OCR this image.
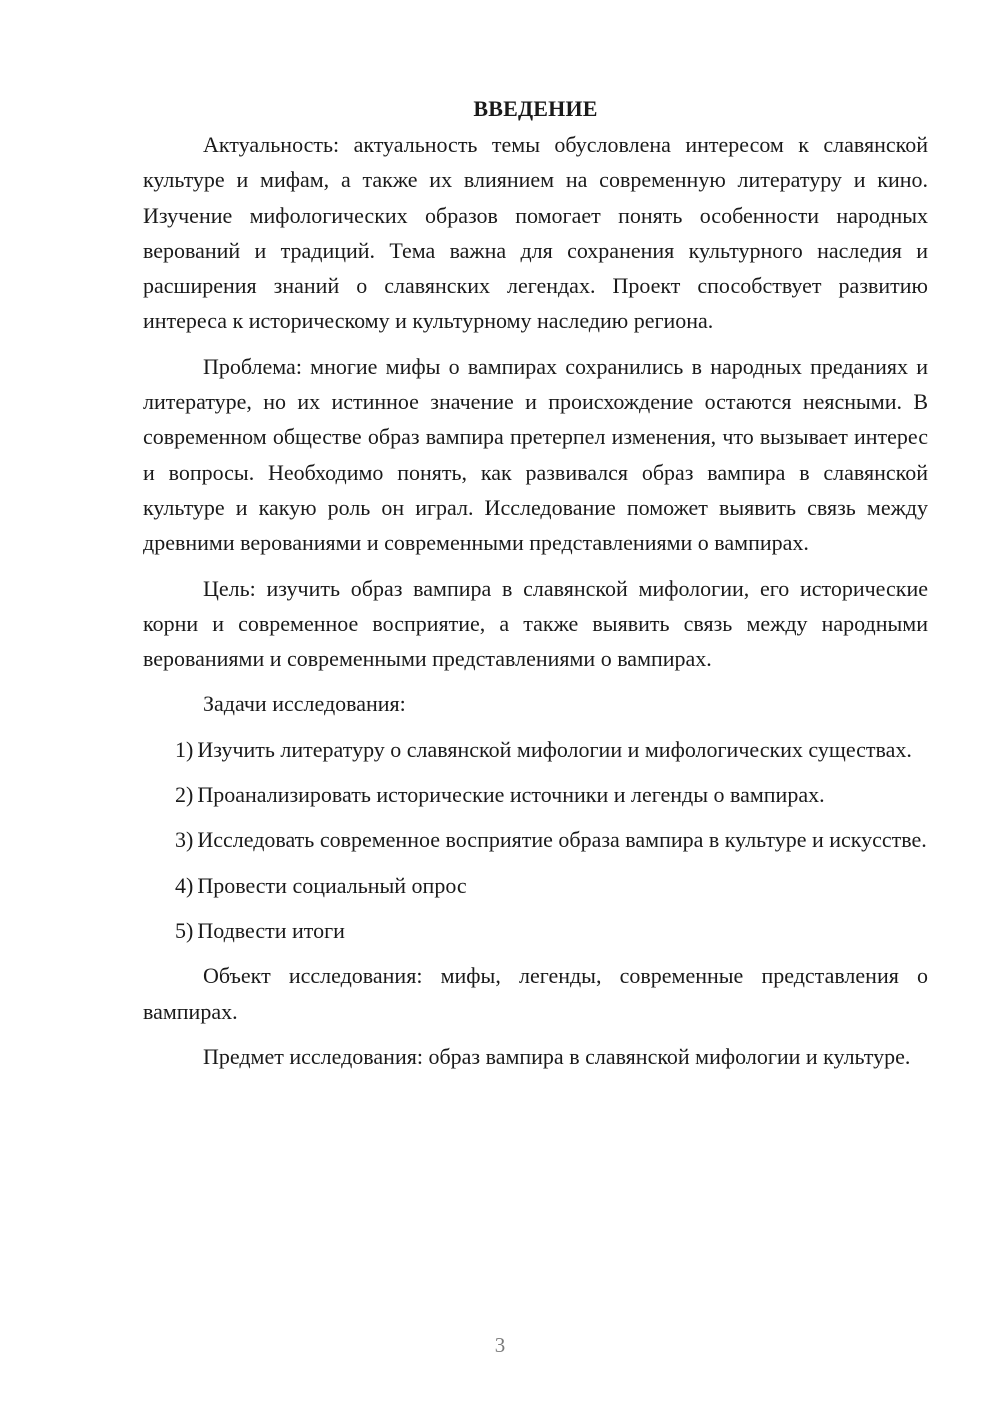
ВВЕДЕНИЕ

Актуальность: актуальность темы обусловлена интересом к славянской культуре и мифам, а также их влиянием на современную литературу и кино. Изучение мифологических образов помогает понять особенности народных верований и традиций. Тема важна для сохранения культурного наследия и расширения знаний о славянских легендах. Проект способствует развитию интереса к историческому и культурному наследию региона.

Проблема: многие мифы о вампирах сохранились в народных преданиях и литературе, но их истинное значение и происхождение остаются неясными. В современном обществе образ вампира претерпел изменения, что вызывает интерес и вопросы. Необходимо понять, как развивался образ вампира в славянской культуре и какую роль он играл. Исследование поможет выявить связь между древними верованиями и современными представлениями о вампирах.

Цель: изучить образ вампира в славянской мифологии, его исторические корни и современное восприятие, а также выявить связь между народными верованиями и современными представлениями о вампирах.

Задачи исследования:

1) Изучить литературу о славянской мифологии и мифологических существах.

2) Проанализировать исторические источники и легенды о вампирах.

3) Исследовать современное восприятие образа вампира в культуре и искусстве.

4) Провести социальный опрос

5) Подвести итоги

Объект исследования: мифы, легенды, современные представления о вампирах.

Предмет исследования: образ вампира в славянской мифологии и культуре.

3
